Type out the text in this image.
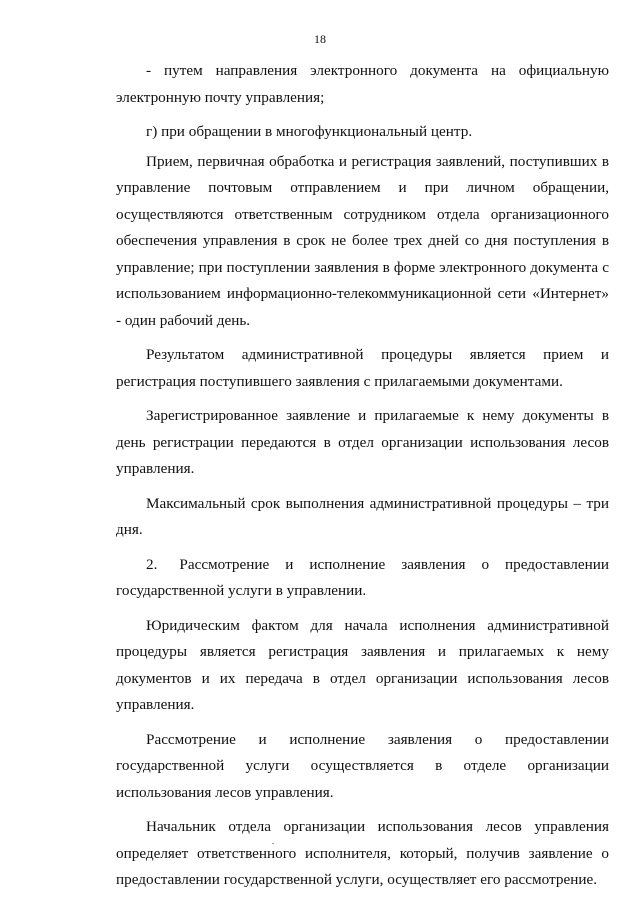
18

- путем направления электронного документа на официальную электронную почту управления;

г) при обращении в многофункциональный центр.

Прием, первичная обработка и регистрация заявлений, поступивших в управление почтовым отправлением и при личном обращении, осуществляются ответственным сотрудником отдела организационного обеспечения управления в срок не более трех дней со дня поступления в управление; при поступлении заявления в форме электронного документа с использованием информационно-телекоммуникационной сети «Интернет» - один рабочий день.

Результатом административной процедуры является прием и регистрация поступившего заявления с прилагаемыми документами.

Зарегистрированное заявление и прилагаемые к нему документы в день регистрации передаются в отдел организации использования лесов управления.

Максимальный срок выполнения административной процедуры – три дня.

2. Рассмотрение и исполнение заявления о предоставлении государственной услуги в управлении.

Юридическим фактом для начала исполнения административной процедуры является регистрация заявления и прилагаемых к нему документов и их передача в отдел организации использования лесов управления.

Рассмотрение и исполнение заявления о предоставлении государственной услуги осуществляется в отделе организации использования лесов управления.

Начальник отдела организации использования лесов управления определяет ответственного исполнителя, который, получив заявление о предоставлении государственной услуги, осуществляет его рассмотрение.
